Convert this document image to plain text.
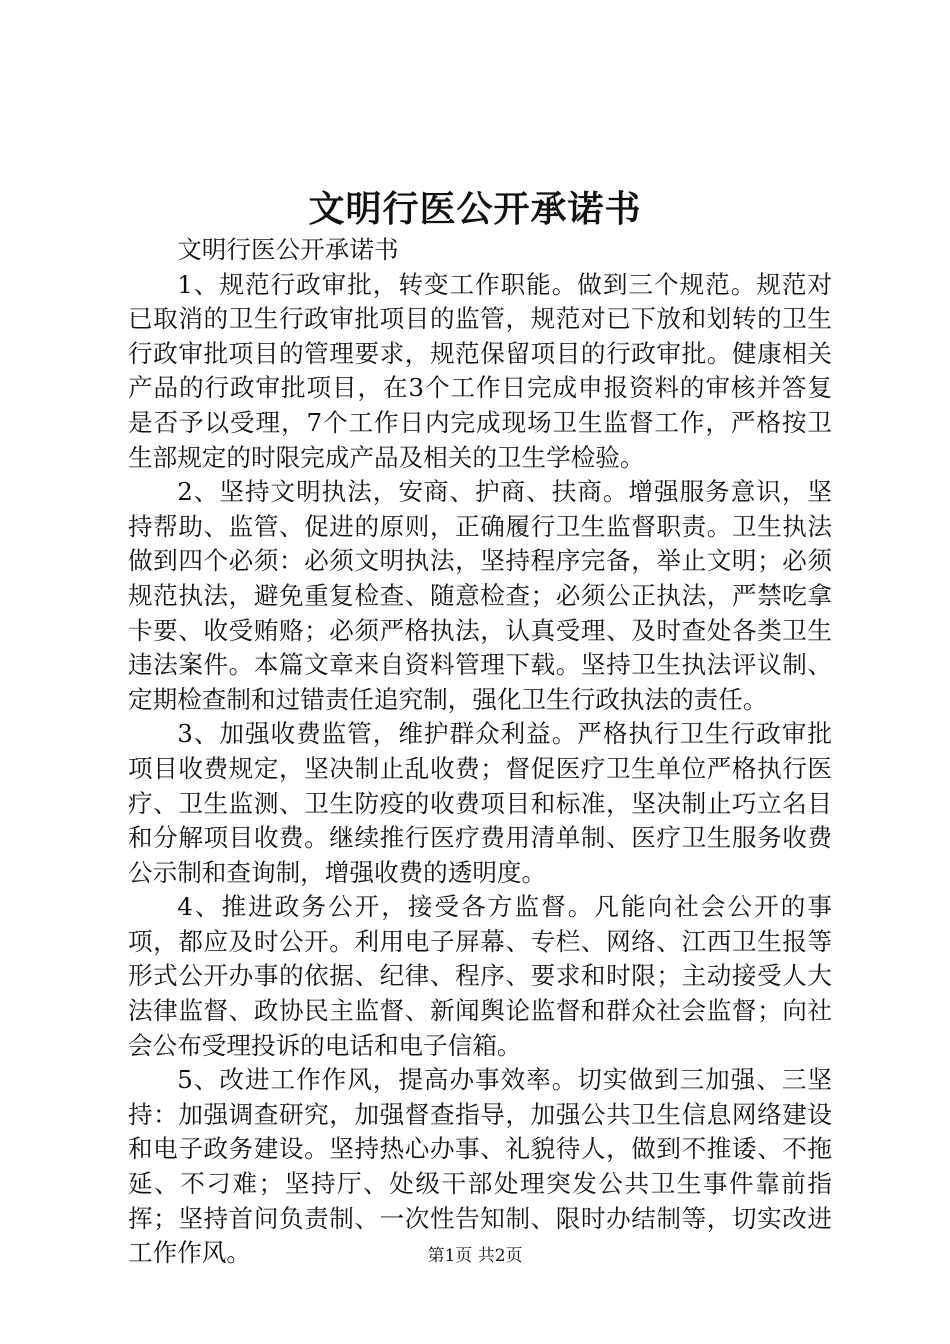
文明行医公开承诺书

文明行医公开承诺书

1、规范行政审批，转变工作职能。做到三个规范。规范对已取消的卫生行政审批项目的监管，规范对已下放和划转的卫生行政审批项目的管理要求，规范保留项目的行政审批。健康相关产品的行政审批项目，在3个工作日完成申报资料的审核并答复是否予以受理，7个工作日内完成现场卫生监督工作，严格按卫生部规定的时限完成产品及相关的卫生学检验。

2、坚持文明执法，安商、护商、扶商。增强服务意识，坚持帮助、监管、促进的原则，正确履行卫生监督职责。卫生执法做到四个必须：必须文明执法，坚持程序完备，举止文明；必须规范执法，避免重复检查、随意检查；必须公正执法，严禁吃拿卡要、收受贿赂；必须严格执法，认真受理、及时查处各类卫生违法案件。本篇文章来自资料管理下载。坚持卫生执法评议制、定期检查制和过错责任追究制，强化卫生行政执法的责任。

3、加强收费监管，维护群众利益。严格执行卫生行政审批项目收费规定，坚决制止乱收费；督促医疗卫生单位严格执行医疗、卫生监测、卫生防疫的收费项目和标准，坚决制止巧立名目和分解项目收费。继续推行医疗费用清单制、医疗卫生服务收费公示制和查询制，增强收费的透明度。

4、推进政务公开，接受各方监督。凡能向社会公开的事项，都应及时公开。利用电子屏幕、专栏、网络、江西卫生报等形式公开办事的依据、纪律、程序、要求和时限；主动接受人大法律监督、政协民主监督、新闻舆论监督和群众社会监督；向社会公布受理投诉的电话和电子信箱。

5、改进工作作风，提高办事效率。切实做到三加强、三坚持：加强调查研究，加强督查指导，加强公共卫生信息网络建设和电子政务建设。坚持热心办事、礼貌待人，做到不推诿、不拖延、不刁难；坚持厅、处级干部处理突发公共卫生事件靠前指挥；坚持首问负责制、一次性告知制、限时办结制等，切实改进工作作风。	第1页 共2页
